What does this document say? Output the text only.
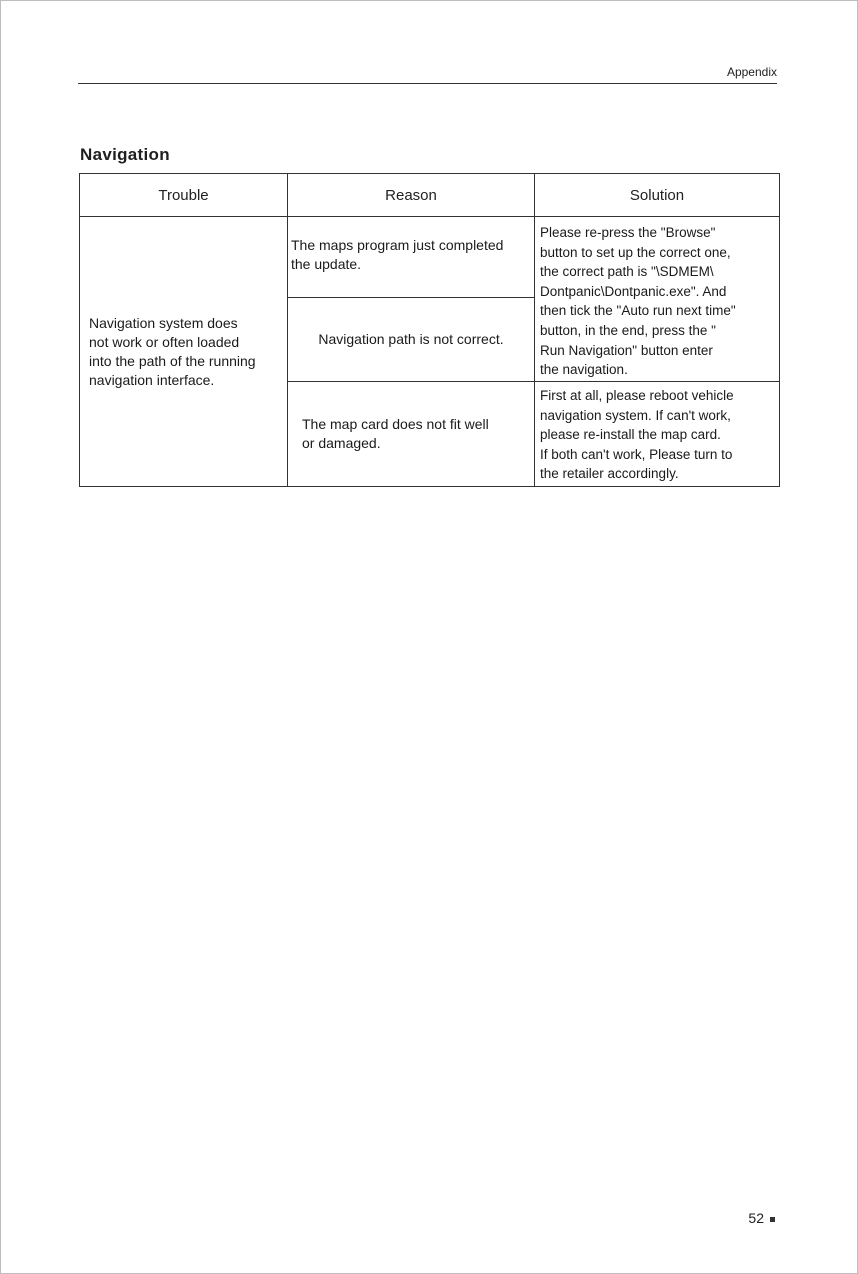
Appendix
Navigation
Trouble	Reason	Solution
Navigation system does
not work or often loaded
into the path of the running
navigation interface.
The maps program just completed
the update.
Navigation path is not correct.
The map card does not fit well
or damaged.
Please re-press the "Browse"
button to set up the correct one,
the correct path is "\SDMEM\
Dontpanic\Dontpanic.exe". And
then tick the "Auto run next time"
button, in the end, press the "
Run Navigation" button enter
the navigation.
First at all, please reboot vehicle
navigation system. If can't work,
please re-install the map card.
If both can't work, Please turn to
the retailer accordingly.
52
